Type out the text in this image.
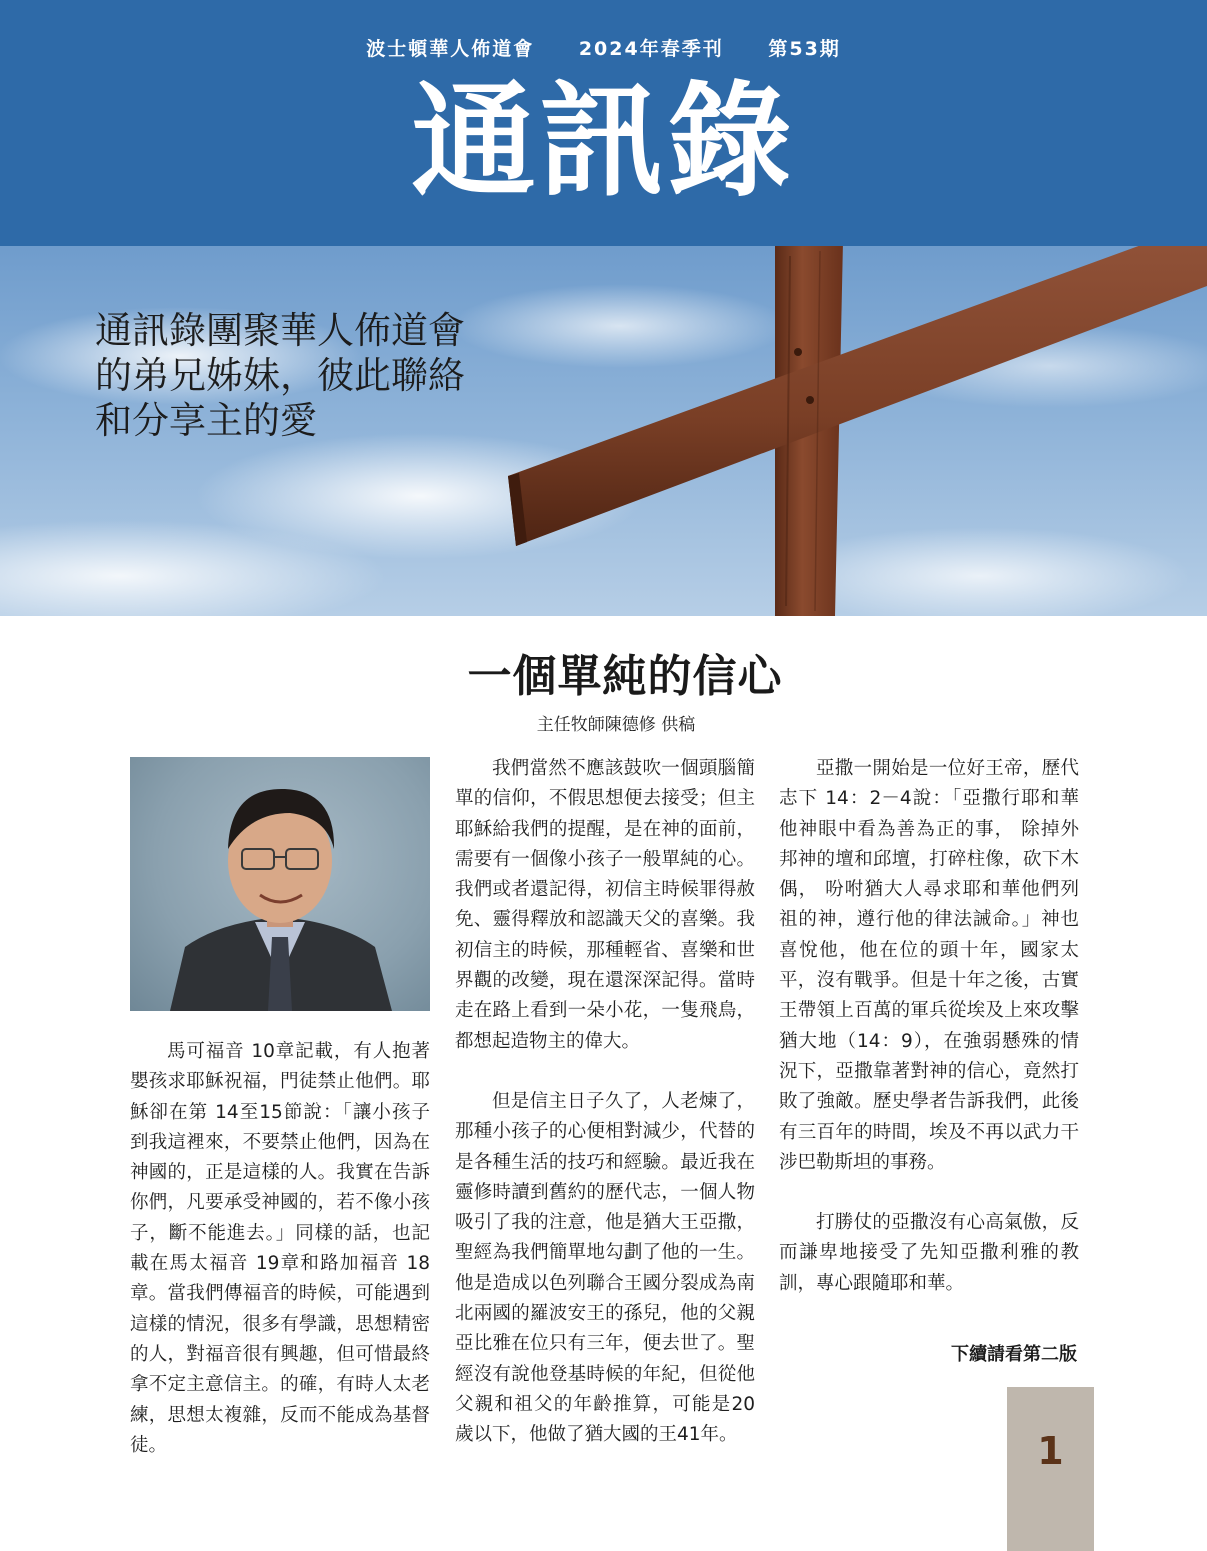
波士頓華人佈道會 2024年春季刊 第53期
通訊錄
通訊錄團聚華人佈道會
的弟兄姊妹，彼此聯絡
和分享主的愛
一個單純的信心
主任牧師陳德修 供稿

馬可福音 10章記載，有人抱著嬰孩求耶穌祝福，門徒禁止他們。耶穌卻在第 14至15節說：「讓小孩子到我這裡來，不要禁止他們，因為在神國的，正是這樣的人。我實在告訴你們，凡要承受神國的，若不像小孩子，斷不能進去。」同樣的話，也記載在馬太福音 19章和路加福音 18章。當我們傳福音的時候，可能遇到這樣的情況，很多有學識，思想精密的人，對福音很有興趣，但可惜最終拿不定主意信主。的確，有時人太老練，思想太複雜，反而不能成為基督徒。

我們當然不應該鼓吹一個頭腦簡單的信仰，不假思想便去接受；但主耶穌給我們的提醒，是在神的面前，需要有一個像小孩子一般單純的心。我們或者還記得，初信主時候罪得赦免、靈得釋放和認識天父的喜樂。我初信主的時候，那種輕省、喜樂和世界觀的改變，現在還深深記得。當時走在路上看到一朵小花，一隻飛鳥，都想起造物主的偉大。

但是信主日子久了，人老煉了，那種小孩子的心便相對減少，代替的是各種生活的技巧和經驗。最近我在靈修時讀到舊約的歷代志，一個人物吸引了我的注意，他是猶大王亞撒，聖經為我們簡單地勾劃了他的一生。他是造成以色列聯合王國分裂成為南北兩國的羅波安王的孫兒，他的父親亞比雅在位只有三年，便去世了。聖經沒有說他登基時候的年紀，但從他父親和祖父的年齡推算，可能是20歲以下，他做了猶大國的王41年。

亞撒一開始是一位好王帝，歷代志下 14：2－4說：「亞撒行耶和華他神眼中看為善為正的事， 除掉外邦神的壇和邱壇，打碎柱像，砍下木偶， 吩咐猶大人尋求耶和華他們列祖的神，遵行他的律法誡命。」神也喜悅他，他在位的頭十年，國家太平，沒有戰爭。但是十年之後，古實王帶領上百萬的軍兵從埃及上來攻擊猶大地（14：9），在強弱懸殊的情況下，亞撒靠著對神的信心，竟然打敗了強敵。歷史學者告訴我們，此後有三百年的時間，埃及不再以武力干涉巴勒斯坦的事務。

打勝仗的亞撒沒有心高氣傲，反而謙卑地接受了先知亞撒利雅的教訓，專心跟隨耶和華。

下續請看第二版
1
